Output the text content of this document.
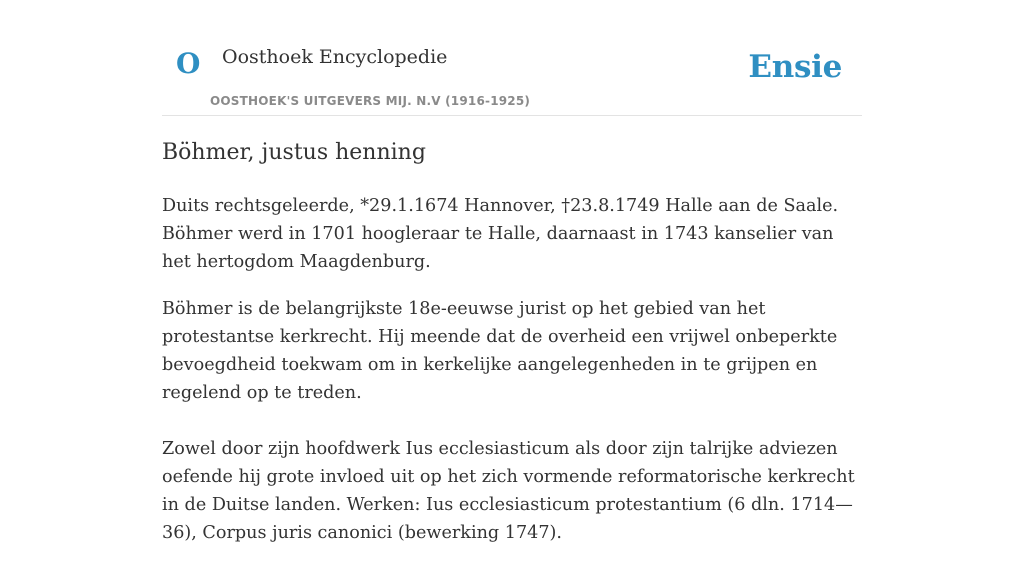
O Oosthoek Encyclopedie
OOSTHOEK'S UITGEVERS MIJ. N.V (1916-1925)
Ensie
Böhmer, justus henning

Duits rechtsgeleerde, *29.1.1674 Hannover, †23.8.1749 Halle aan de Saale. Böhmer werd in 1701 hoogleraar te Halle, daarnaast in 1743 kanselier van het hertogdom Maagdenburg.

Böhmer is de belangrijkste 18e-eeuwse jurist op het gebied van het protestantse kerkrecht. Hij meende dat de overheid een vrijwel onbeperkte bevoegdheid toekwam om in kerkelijke aangelegenheden in te grijpen en regelend op te treden.

Zowel door zijn hoofdwerk Ius ecclesiasticum als door zijn talrijke adviezen oefende hij grote invloed uit op het zich vormende reformatorische kerkrecht in de Duitse landen. Werken: Ius ecclesiasticum protestantium (6 dln. 1714—36), Corpus juris canonici (bewerking 1747).
